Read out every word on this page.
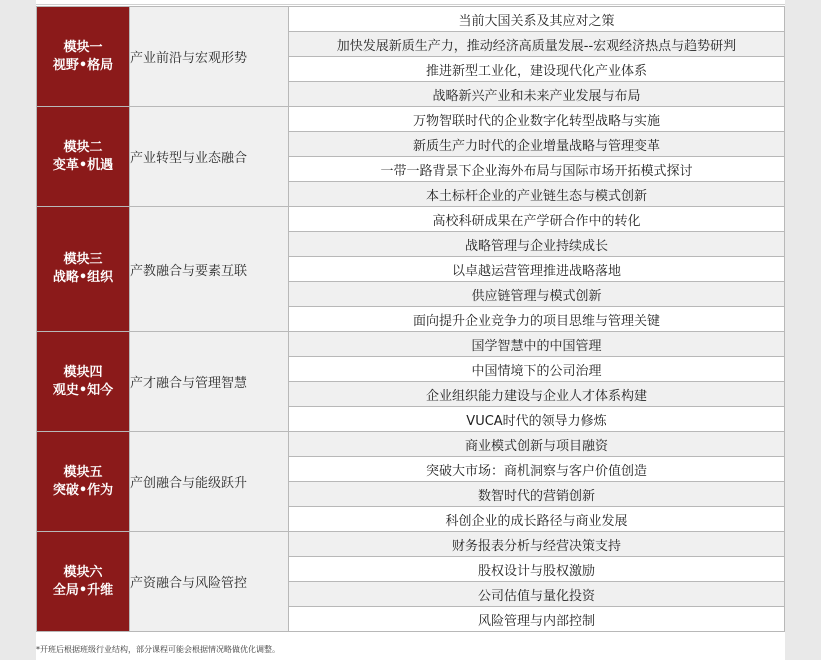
模块一
视野•格局	产业前沿与宏观形势	当前大国关系及其应对之策
		加快发展新质生产力，推动经济高质量发展--宏观经济热点与趋势研判
		推进新型工业化，建设现代化产业体系
		战略新兴产业和未来产业发展与布局

模块二
变革•机遇	产业转型与业态融合	万物智联时代的企业数字化转型战略与实施
		新质生产力时代的企业增量战略与管理变革
		一带一路背景下企业海外布局与国际市场开拓模式探讨
		本土标杆企业的产业链生态与模式创新

模块三
战略•组织	产教融合与要素互联	高校科研成果在产学研合作中的转化
		战略管理与企业持续成长
		以卓越运营管理推进战略落地
		供应链管理与模式创新
		面向提升企业竞争力的项目思维与管理关键

模块四
观史•知今	产才融合与管理智慧	国学智慧中的中国管理
		中国情境下的公司治理
		企业组织能力建设与企业人才体系构建
		VUCA时代的领导力修炼

模块五
突破•作为	产创融合与能级跃升	商业模式创新与项目融资
		突破大市场：商机洞察与客户价值创造
		数智时代的营销创新
		科创企业的成长路径与商业发展

模块六
全局•升维	产资融合与风险管控	财务报表分析与经营决策支持
		股权设计与股权激励
		公司估值与量化投资
		风险管理与内部控制
*开班后根据班级行业结构，部分课程可能会根据情况略做优化调整。
